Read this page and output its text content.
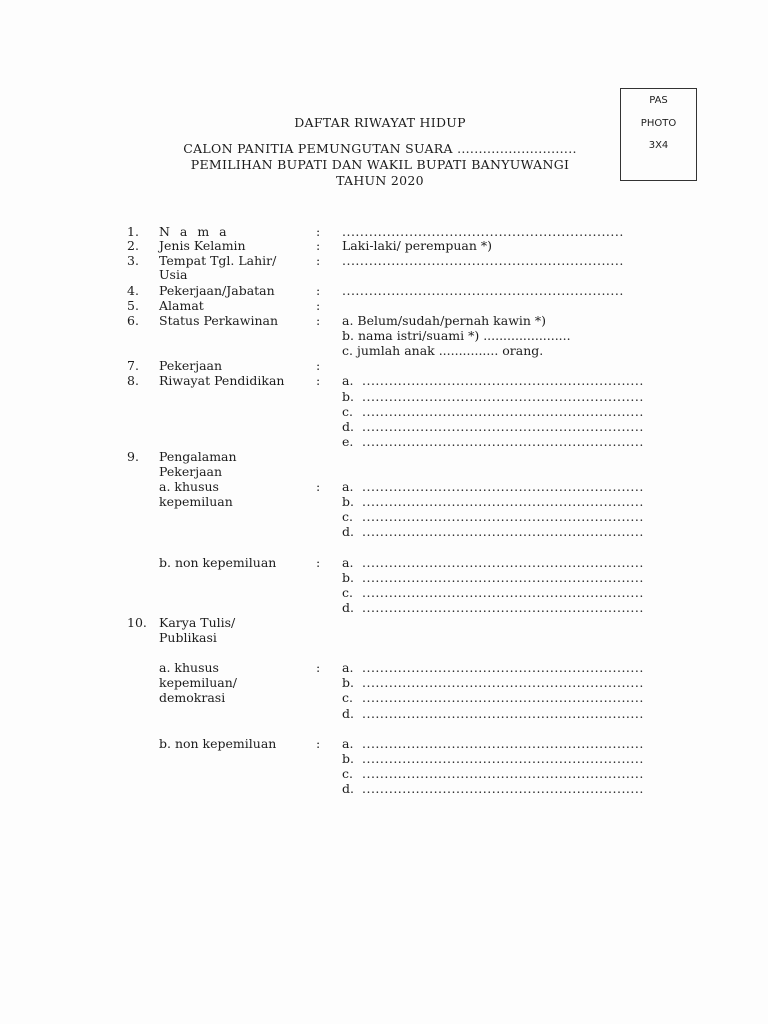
PAS
PHOTO
3X4
DAFTAR RIWAYAT HIDUP
CALON PANITIA PEMUNGUTAN SUARA ............................
PEMILIHAN BUPATI DAN WAKIL BUPATI BANYUWANGI
TAHUN 2020
1. N a m a	: ...............................................................
2. Jenis Kelamin	: Laki-laki/ perempuan *)
3. Tempat Tgl. Lahir/	: ...............................................................
Usia
4. Pekerjaan/Jabatan	: ...............................................................
5. Alamat	:
6. Status Perkawinan	: a. Belum/sudah/pernah kawin *)
b. nama istri/suami *) ......................
c. jumlah anak ............... orang.
7. Pekerjaan	:
8. Riwayat Pendidikan	: a. ...............................................................
b. ...............................................................
c. ...............................................................
d. ...............................................................
e. ...............................................................
9. Pengalaman
Pekerjaan
a. khusus	: a. ...............................................................
kepemiluan	b. ...............................................................
c. ...............................................................
d. ...............................................................
b. non kepemiluan	: a. ...............................................................
b. ...............................................................
c. ...............................................................
d. ...............................................................
10. Karya Tulis/
Publikasi
a. khusus	: a. ...............................................................
kepemiluan/	b. ...............................................................
demokrasi	c. ...............................................................
d. ...............................................................
b. non kepemiluan	: a. ...............................................................
b. ...............................................................
c. ...............................................................
d. ...............................................................
